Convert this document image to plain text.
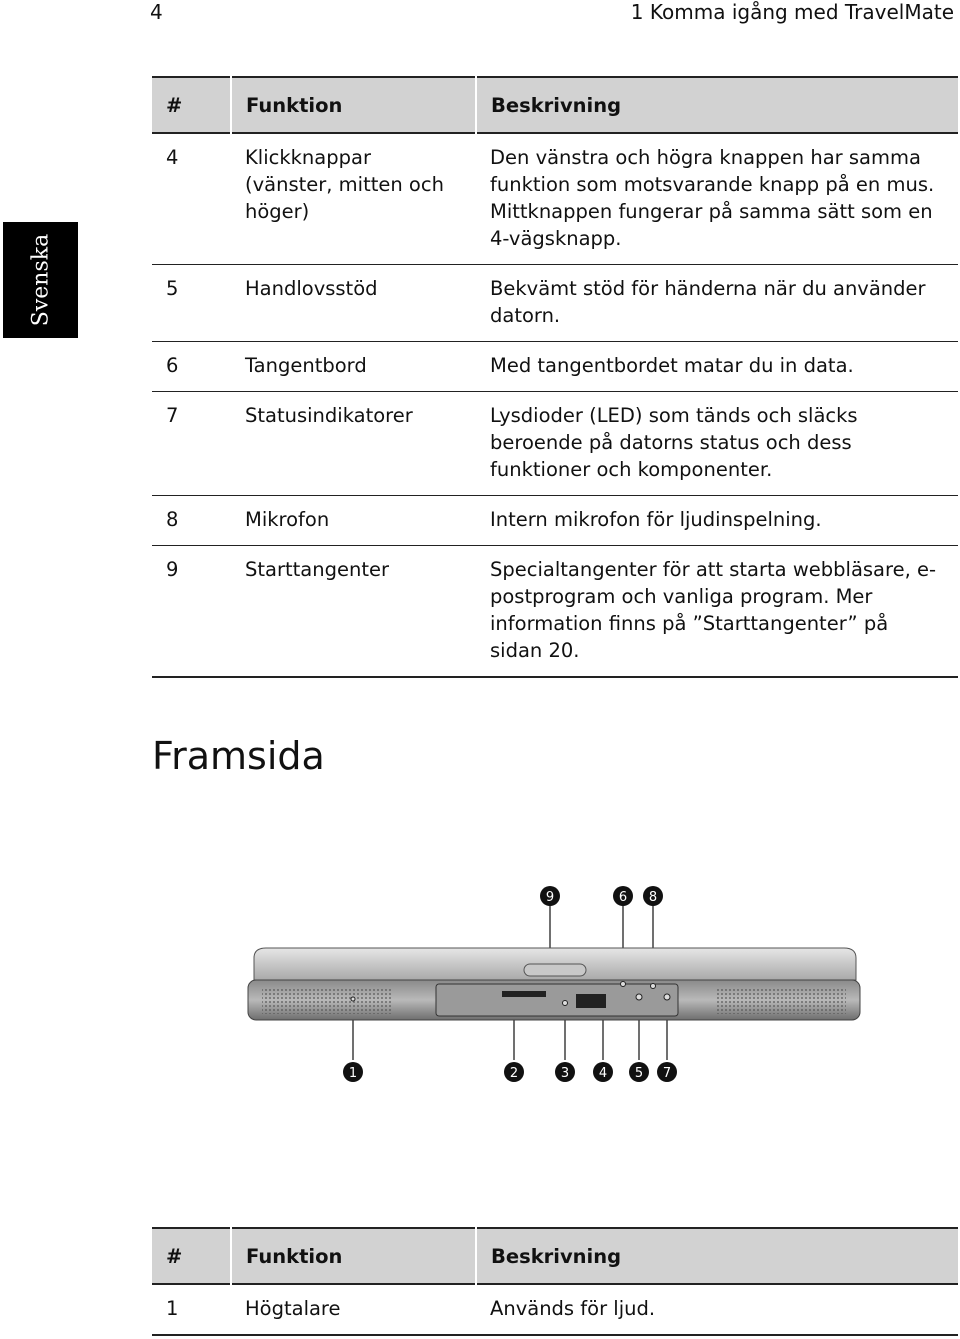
4	1 Komma igång med TravelMate
Svenska
#	Funktion	Beskrivning
4	Klickknappar (vänster, mitten och höger)	Den vänstra och högra knappen har samma funktion som motsvarande knapp på en mus. Mittknappen fungerar på samma sätt som en 4-vägsknapp.
5	Handlovsstöd	Bekvämt stöd för händerna när du använder datorn.
6	Tangentbord	Med tangentbordet matar du in data.
7	Statusindikatorer	Lysdioder (LED) som tänds och släcks beroende på datorns status och dess funktioner och komponenter.
8	Mikrofon	Intern mikrofon för ljudinspelning.
9	Starttangenter	Specialtangenter för att starta webbläsare, e-postprogram och vanliga program. Mer information finns på ”Starttangenter” på sidan 20.
Framsida
9	6 8
1	2	3 4 5 7
#	Funktion	Beskrivning
1	Högtalare	Används för ljud.
